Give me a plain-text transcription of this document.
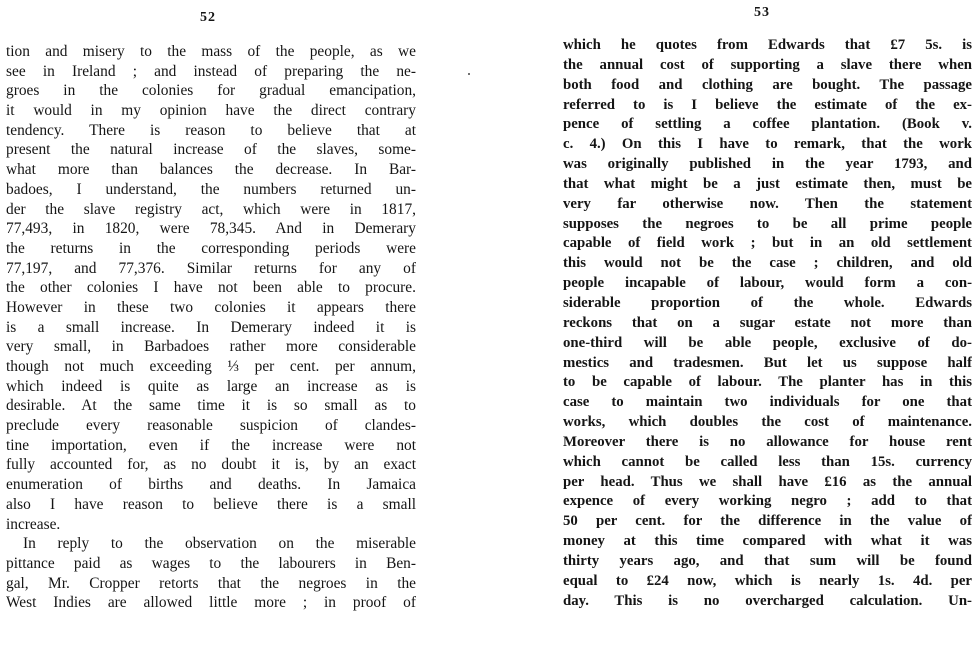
52
tion and misery to the mass of the people, as we
see in Ireland ; and instead of preparing the ne-
groes in the colonies for gradual emancipation,
it would in my opinion have the direct contrary
tendency. There is reason to believe that at
present the natural increase of the slaves, some-
what more than balances the decrease. In Bar-
badoes, I understand, the numbers returned un-
der the slave registry act, which were in 1817,
77,493, in 1820, were 78,345. And in Demerary
the returns in the corresponding periods were
77,197, and 77,376. Similar returns for any of
the other colonies I have not been able to procure.
However in these two colonies it appears there
is a small increase. In Demerary indeed it is
very small, in Barbadoes rather more considerable
though not much exceeding ⅓ per cent. per annum,
which indeed is quite as large an increase as is
desirable. At the same time it is so small as to
preclude every reasonable suspicion of clandes-
tine importation, even if the increase were not
fully accounted for, as no doubt it is, by an exact
enumeration of births and deaths. In Jamaica
also I have reason to believe there is a small
increase.
In reply to the observation on the miserable
pittance paid as wages to the labourers in Ben-
gal, Mr. Cropper retorts that the negroes in the
West Indies are allowed little more ; in proof of
53
which he quotes from Edwards that £7 5s. is
the annual cost of supporting a slave there when
both food and clothing are bought. The passage
referred to is I believe the estimate of the ex-
pence of settling a coffee plantation. (Book v.
c. 4.) On this I have to remark, that the work
was originally published in the year 1793, and
that what might be a just estimate then, must be
very far otherwise now. Then the statement
supposes the negroes to be all prime people
capable of field work ; but in an old settlement
this would not be the case ; children, and old
people incapable of labour, would form a con-
siderable proportion of the whole. Edwards
reckons that on a sugar estate not more than
one-third will be able people, exclusive of do-
mestics and tradesmen. But let us suppose half
to be capable of labour. The planter has in this
case to maintain two individuals for one that
works, which doubles the cost of maintenance.
Moreover there is no allowance for house rent
which cannot be called less than 15s. currency
per head. Thus we shall have £16 as the annual
expence of every working negro ; add to that
50 per cent. for the difference in the value of
money at this time compared with what it was
thirty years ago, and that sum will be found
equal to £24 now, which is nearly 1s. 4d. per
day. This is no overcharged calculation. Un-
